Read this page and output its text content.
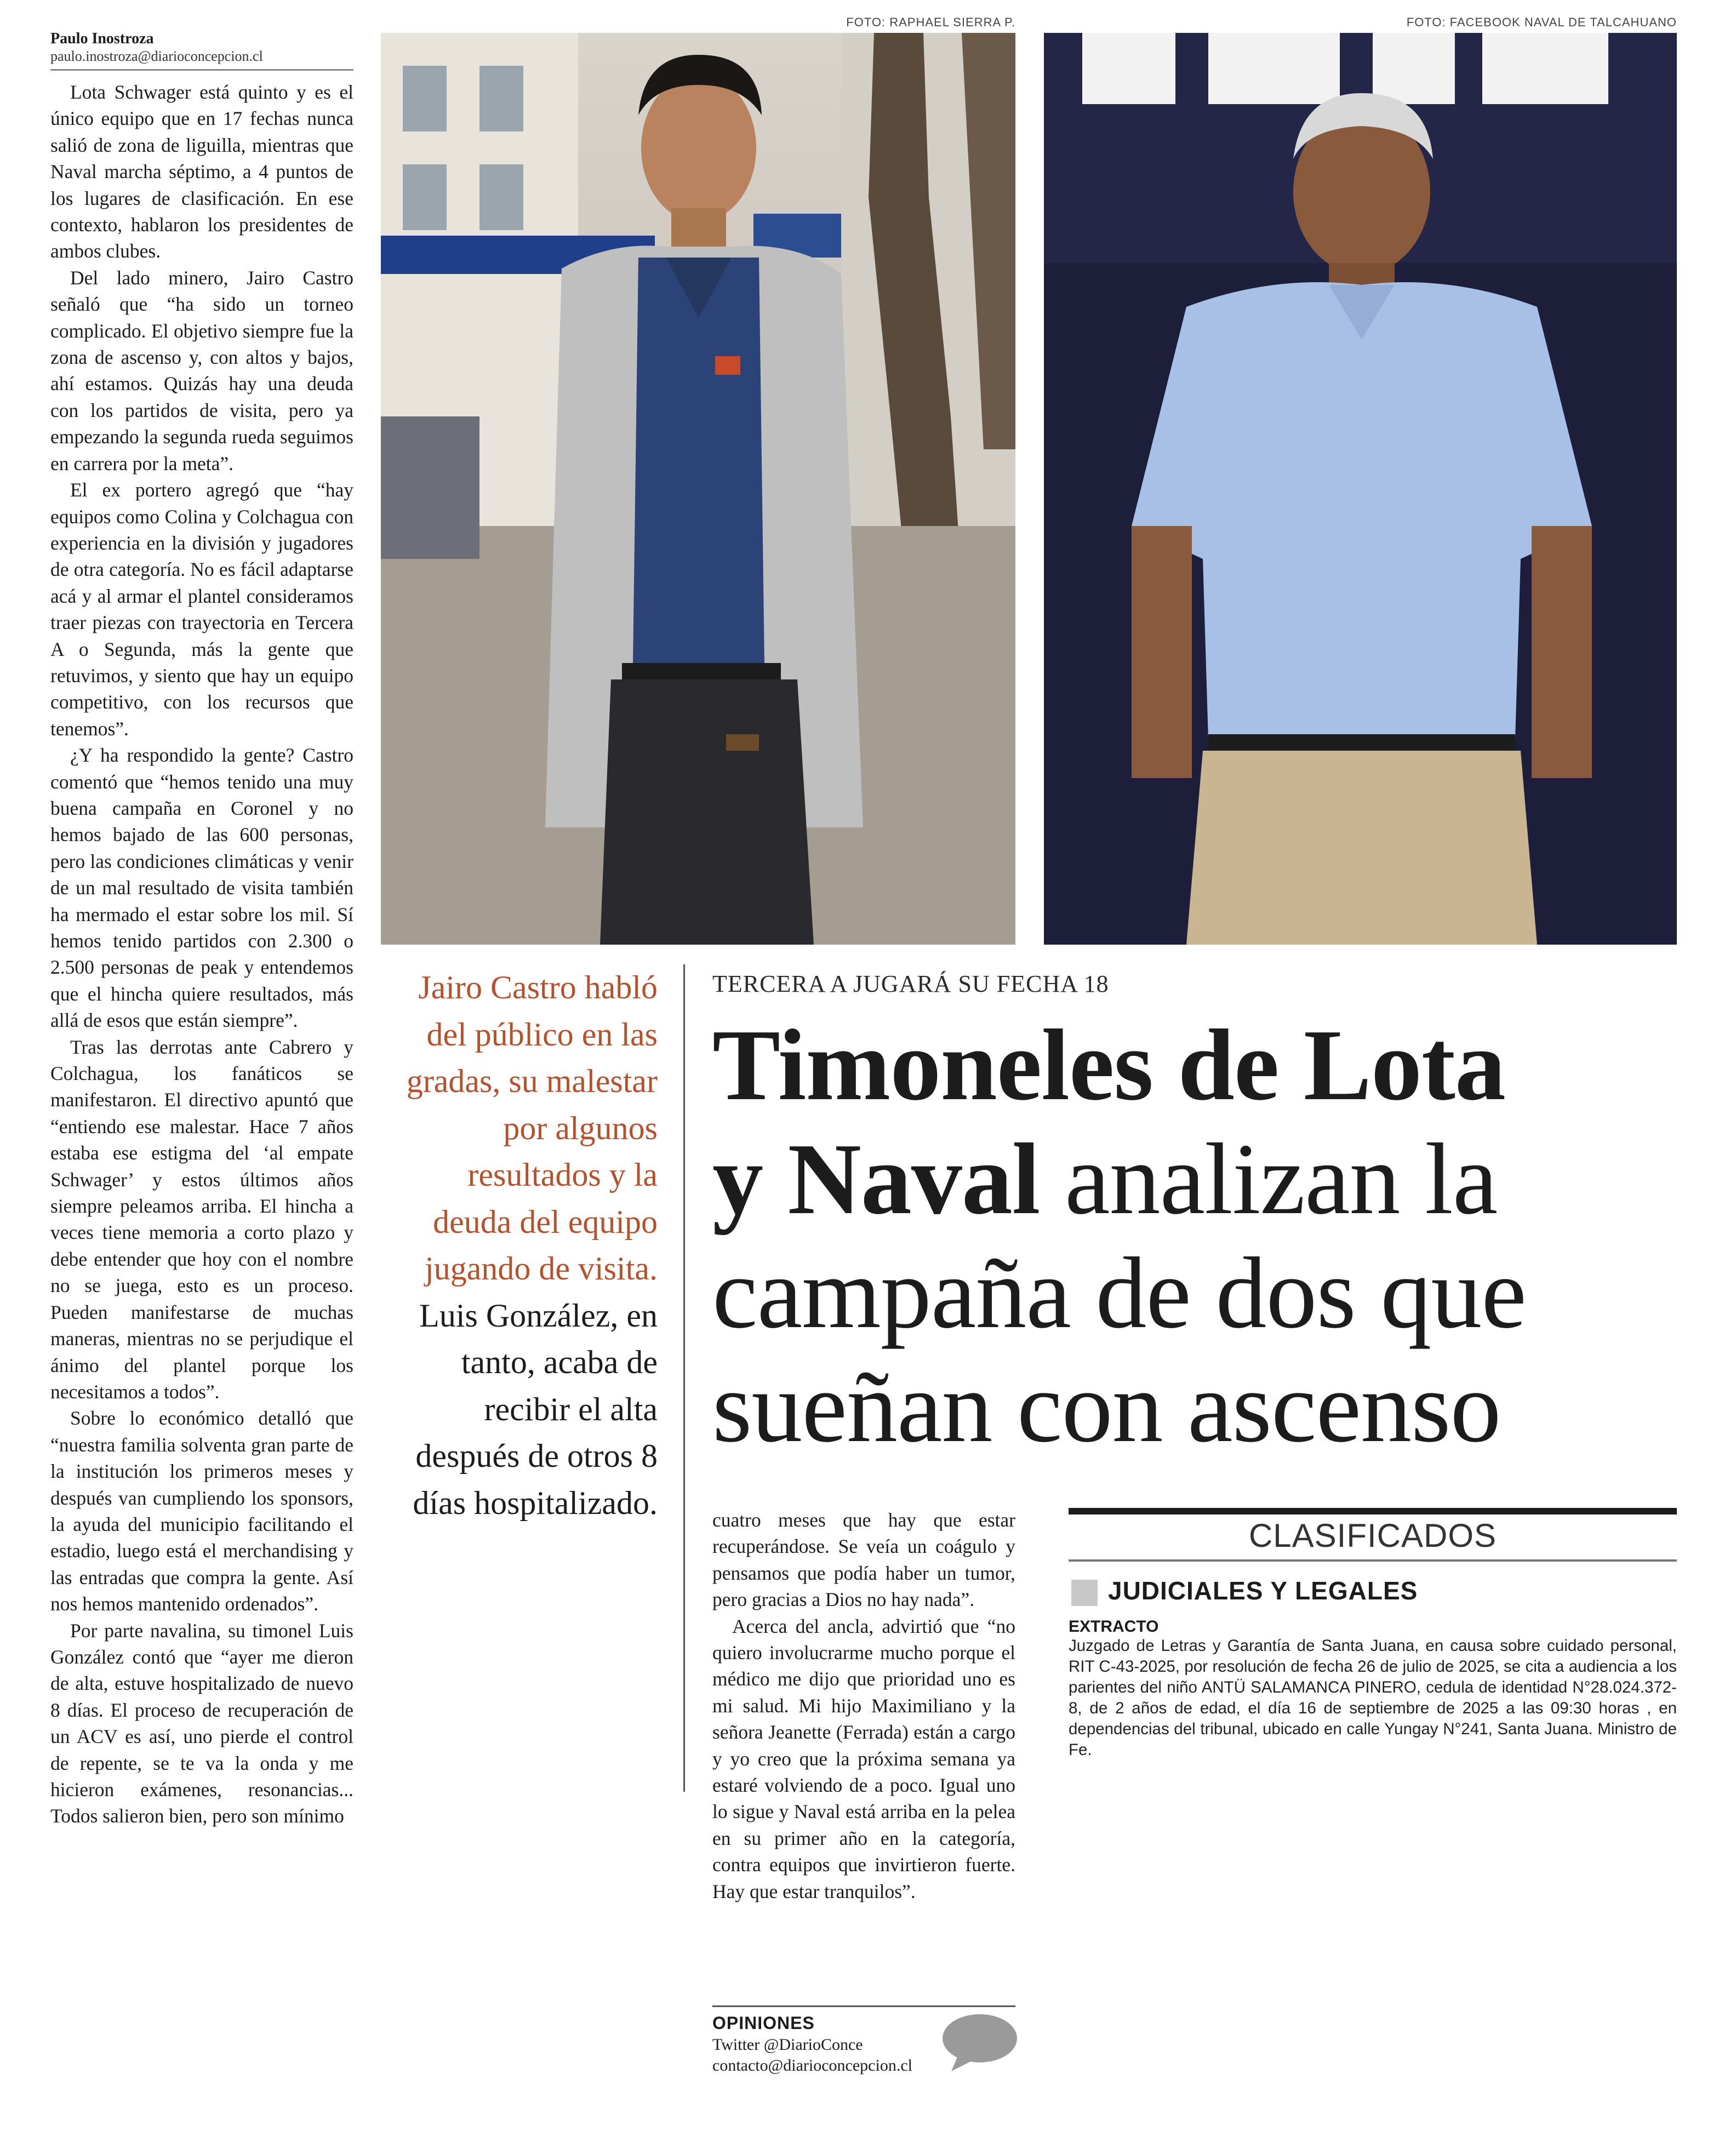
Paulo Inostroza
paulo.inostroza@diarioconcepcion.cl

Lota Schwager está quinto y es el único equipo que en 17 fechas nunca salió de zona de liguilla, mientras que Naval marcha séptimo, a 4 puntos de los lugares de clasificación. En ese contexto, hablaron los presidentes de ambos clubes.

Del lado minero, Jairo Castro señaló que “ha sido un torneo complicado. El objetivo siempre fue la zona de ascenso y, con altos y bajos, ahí estamos. Quizás hay una deuda con los partidos de visita, pero ya empezando la segunda rueda seguimos en carrera por la meta”.

El ex portero agregó que “hay equipos como Colina y Colchagua con experiencia en la división y jugadores de otra categoría. No es fácil adaptarse acá y al armar el plantel consideramos traer piezas con trayectoria en Tercera A o Segunda, más la gente que retuvimos, y siento que hay un equipo competitivo, con los recursos que tenemos”.

¿Y ha respondido la gente? Castro comentó que “hemos tenido una muy buena campaña en Coronel y no hemos bajado de las 600 personas, pero las condiciones climáticas y venir de un mal resultado de visita también ha mermado el estar sobre los mil. Sí hemos tenido partidos con 2.300 o 2.500 personas de peak y entendemos que el hincha quiere resultados, más allá de esos que están siempre”.

Tras las derrotas ante Cabrero y Colchagua, los fanáticos se manifestaron. El directivo apuntó que “entiendo ese malestar. Hace 7 años estaba ese estigma del ‘al empate Schwager’ y estos últimos años siempre peleamos arriba. El hincha a veces tiene memoria a corto plazo y debe entender que hoy con el nombre no se juega, esto es un proceso. Pueden manifestarse de muchas maneras, mientras no se perjudique el ánimo del plantel porque los necesitamos a todos”.

Sobre lo económico detalló que “nuestra familia solventa gran parte de la institución los primeros meses y después van cumpliendo los sponsors, la ayuda del municipio facilitando el estadio, luego está el merchandising y las entradas que compra la gente. Así nos hemos mantenido ordenados”.

Por parte navalina, su timonel Luis González contó que “ayer me dieron de alta, estuve hospitalizado de nuevo 8 días. El proceso de recuperación de un ACV es así, uno pierde el control de repente, se te va la onda y me hicieron exámenes, resonancias... Todos salieron bien, pero son mínimo

FOTO: RAPHAEL SIERRA P.	FOTO: FACEBOOK NAVAL DE TALCAHUANO
Jairo Castro habló del público en las gradas, su malestar por algunos resultados y la deuda del equipo jugando de visita. Luis González, en tanto, acaba de recibir el alta después de otros 8 días hospitalizado.
TERCERA A JUGARÁ SU FECHA 18
Timoneles de Lota
y Naval analizan la
campaña de dos que
sueñan con ascenso

cuatro meses que hay que estar recuperándose. Se veía un coágulo y pensamos que podía haber un tumor, pero gracias a Dios no hay nada”.

Acerca del ancla, advirtió que “no quiero involucrarme mucho porque el médico me dijo que prioridad uno es mi salud. Mi hijo Maximiliano y la señora Jeanette (Ferrada) están a cargo y yo creo que la próxima semana ya estaré volviendo de a poco. Igual uno lo sigue y Naval está arriba en la pelea en su primer año en la categoría, contra equipos que invirtieron fuerte. Hay que estar tranquilos”.

OPINIONES
Twitter @DiarioConce
contacto@diarioconcepcion.cl
CLASIFICADOS
JUDICIALES Y LEGALES
EXTRACTO
Juzgado de Letras y Garantía de Santa Juana, en causa sobre cuidado personal, RIT C-43-2025, por resolución de fecha 26 de julio de 2025, se cita a audiencia a los parientes del niño ANTÜ SALAMANCA PINERO, cedula de identidad N°28.024.372-8, de 2 años de edad, el día 16 de septiembre de 2025 a las 09:30 horas , en dependencias del tribunal, ubicado en calle Yungay N°241, Santa Juana. Ministro de Fe.
